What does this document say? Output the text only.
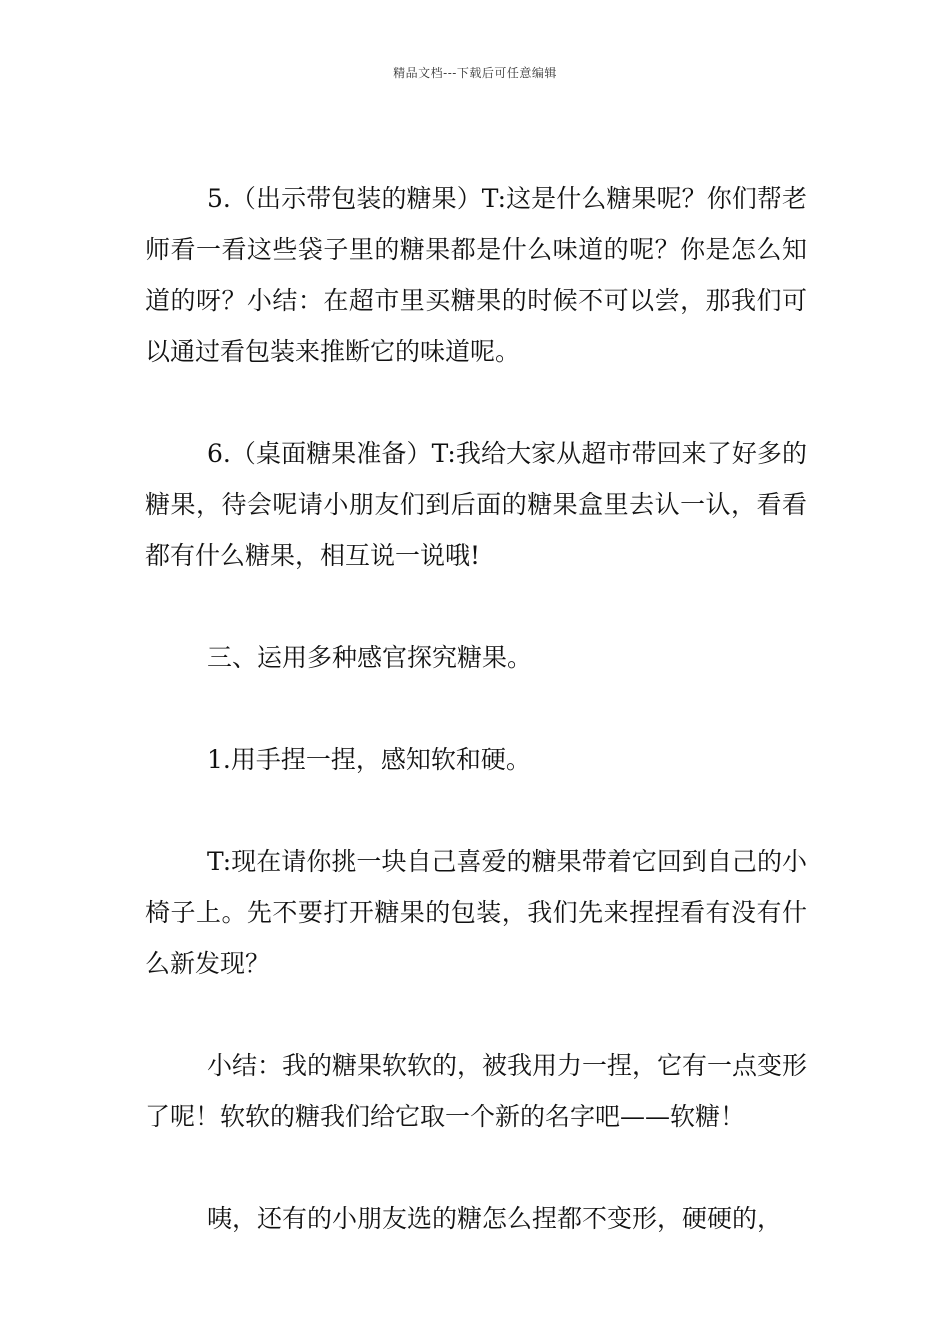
精品文档---下载后可任意编辑

5.（出示带包装的糖果）T:这是什么糖果呢？你们帮老师看一看这些袋子里的糖果都是什么味道的呢？你是怎么知道的呀？小结：在超市里买糖果的时候不可以尝，那我们可以通过看包装来推断它的味道呢。

6.（桌面糖果准备）T:我给大家从超市带回来了好多的糖果，待会呢请小朋友们到后面的糖果盒里去认一认，看看都有什么糖果，相互说一说哦!

三、运用多种感官探究糖果。

1.用手捏一捏，感知软和硬。

T:现在请你挑一块自己喜爱的糖果带着它回到自己的小椅子上。先不要打开糖果的包装，我们先来捏捏看有没有什么新发现？

小结：我的糖果软软的，被我用力一捏，它有一点变形了呢！软软的糖我们给它取一个新的名字吧——软糖！

咦，还有的小朋友选的糖怎么捏都不变形，硬硬的，
